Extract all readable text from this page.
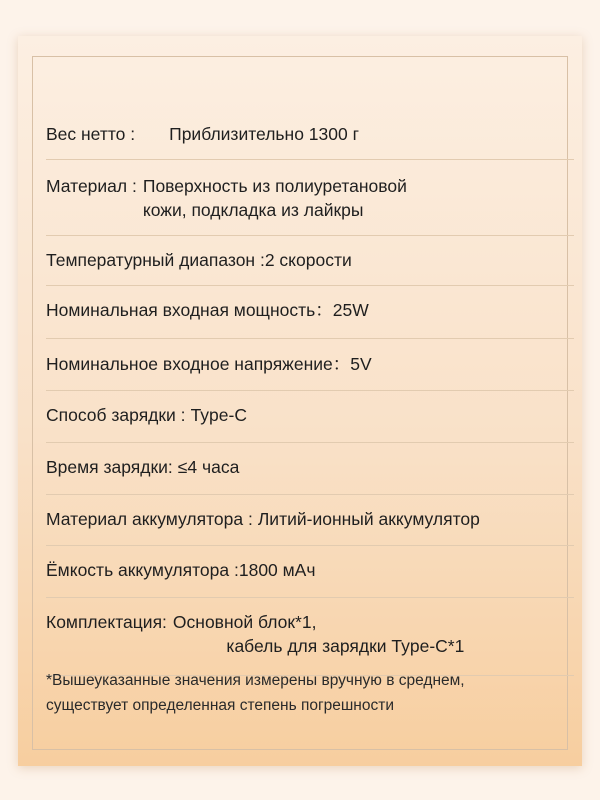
Вес нетто : Приблизительно 1300 г
Материал : Поверхность из полиуретановой
кожи, подкладка из лайкры
Температурный диапазон :2 скорости
Номинальная входная мощность：25W
Номинальное входное напряжение：5V
Способ зарядки : Type-C
Время зарядки: ≤4 часа
Материал аккумулятора : Литий-ионный аккумулятор
Ёмкость аккумулятора :1800 мАч
Комплектация: Основной блок*1,
кабель для зарядки Type-C*1
*Вышеуказанные значения измерены вручную в среднем,
существует определенная степень погрешности
